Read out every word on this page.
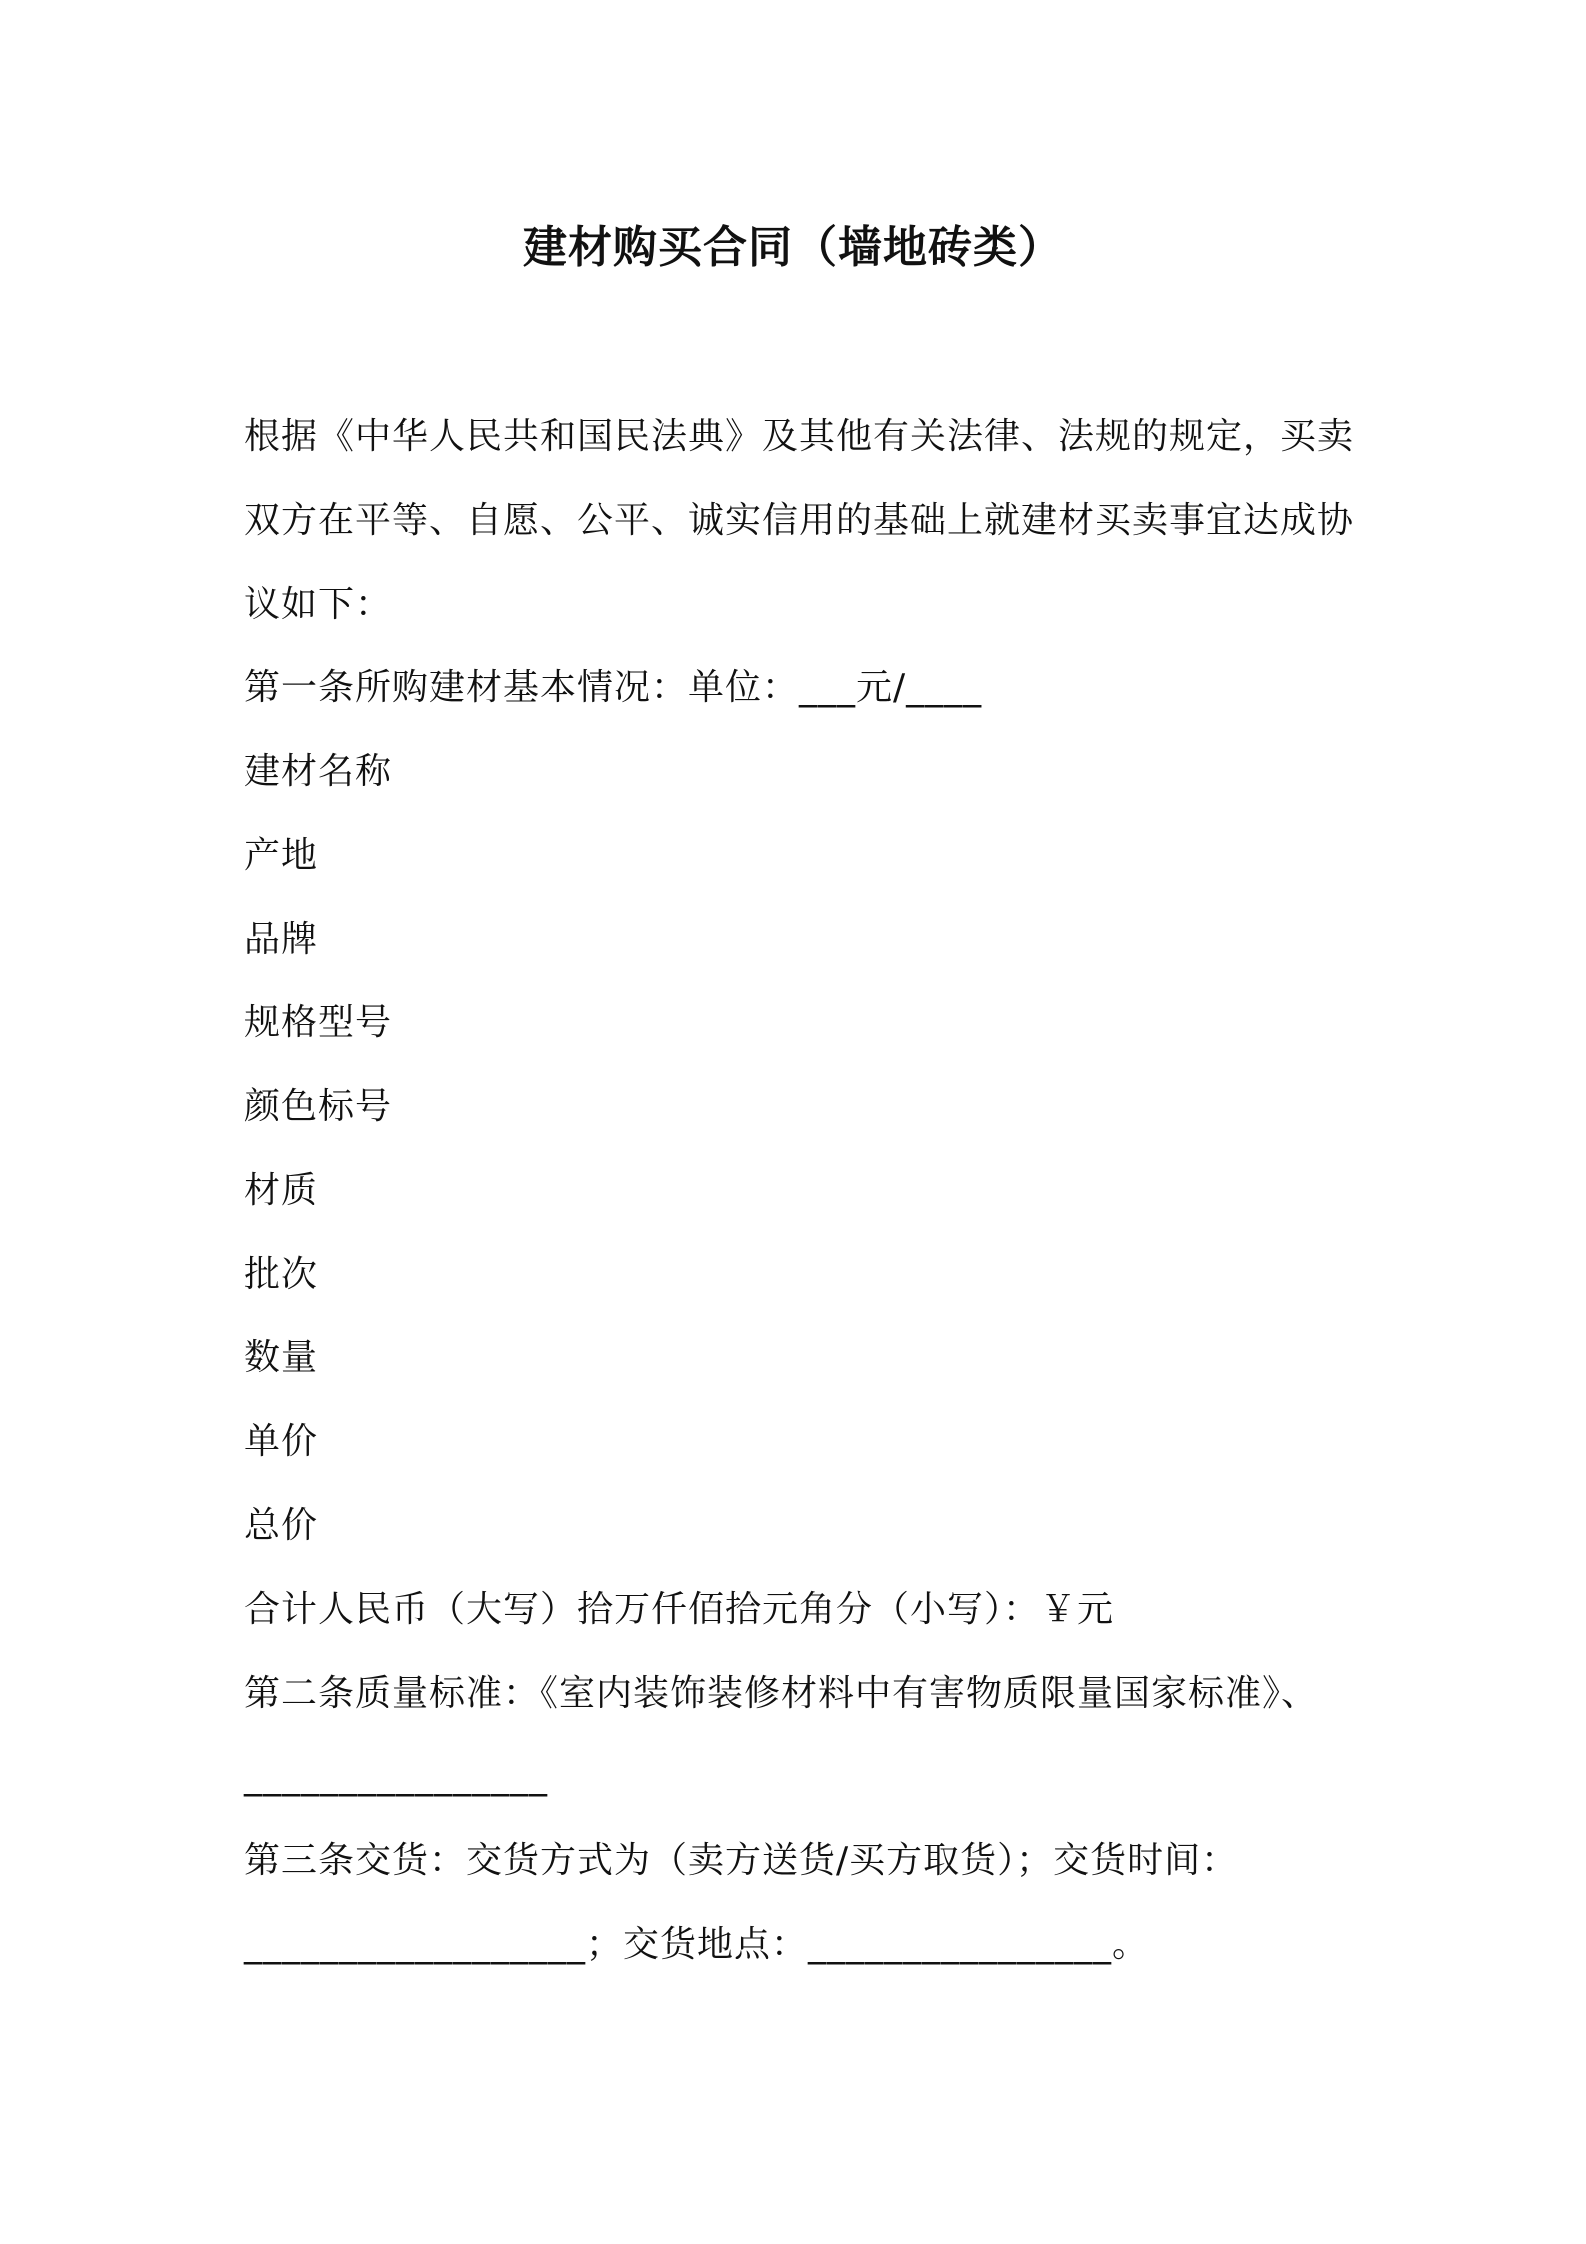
建材购买合同（墙地砖类）
根据《中华人民共和国民法典》及其他有关法律、法规的规定，买卖
双方在平等、自愿、公平、诚实信用的基础上就建材买卖事宜达成协
议如下：
第一条所购建材基本情况：单位：___元/____
建材名称
产地
品牌
规格型号
颜色标号
材质
批次
数量
单价
总价
合计人民币（大写）拾万仟佰拾元角分（小写）：￥元
第二条质量标准：《室内装饰装修材料中有害物质限量国家标准》、
________________
第三条交货：交货方式为（卖方送货/买方取货）；交货时间：
__________________；交货地点：________________。
